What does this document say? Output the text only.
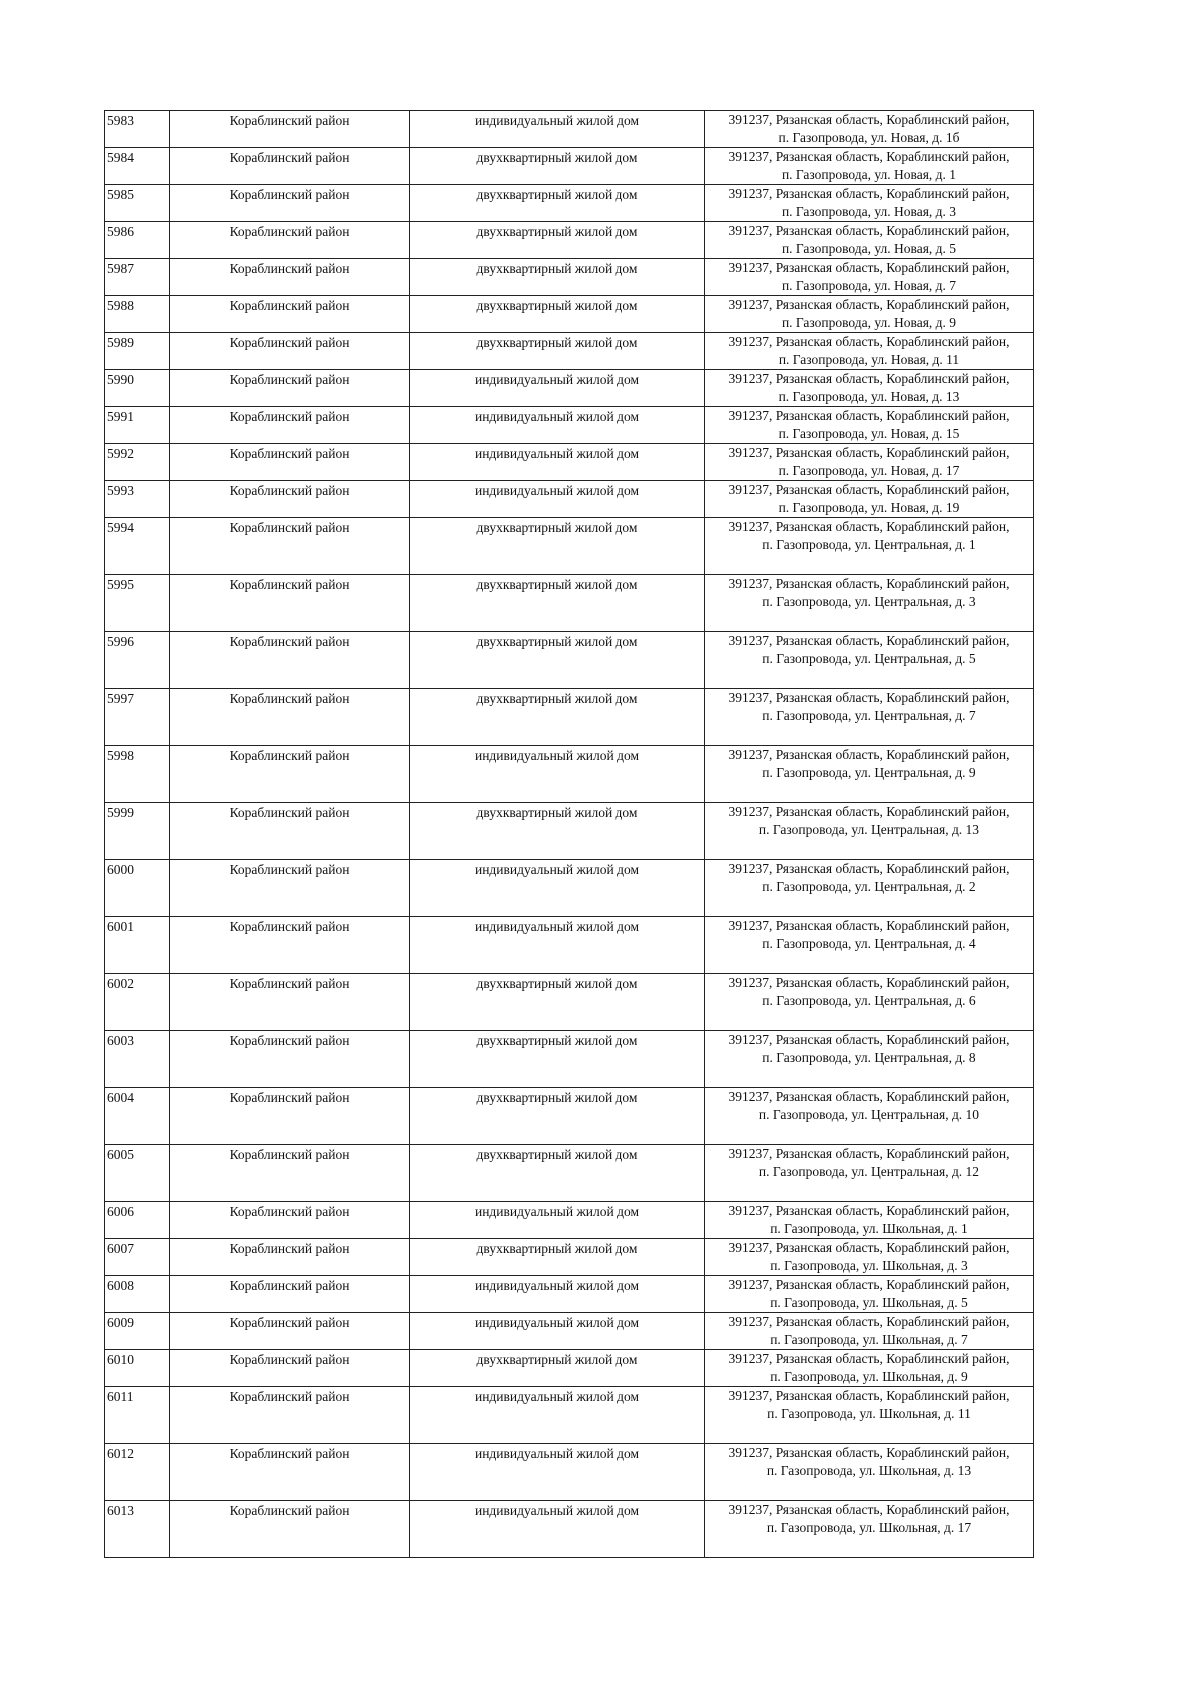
5983	Кораблинский район	индивидуальный жилой дом	391237, Рязанская область, Кораблинский район,
п. Газопровода, ул. Новая, д. 1б

5984	Кораблинский район	двухквартирный жилой дом	391237, Рязанская область, Кораблинский район,
п. Газопровода, ул. Новая, д. 1

5985	Кораблинский район	двухквартирный жилой дом	391237, Рязанская область, Кораблинский район,
п. Газопровода, ул. Новая, д. 3

5986	Кораблинский район	двухквартирный жилой дом	391237, Рязанская область, Кораблинский район,
п. Газопровода, ул. Новая, д. 5

5987	Кораблинский район	двухквартирный жилой дом	391237, Рязанская область, Кораблинский район,
п. Газопровода, ул. Новая, д. 7

5988	Кораблинский район	двухквартирный жилой дом	391237, Рязанская область, Кораблинский район,
п. Газопровода, ул. Новая, д. 9

5989	Кораблинский район	двухквартирный жилой дом	391237, Рязанская область, Кораблинский район,
п. Газопровода, ул. Новая, д. 11

5990	Кораблинский район	индивидуальный жилой дом	391237, Рязанская область, Кораблинский район,
п. Газопровода, ул. Новая, д. 13

5991	Кораблинский район	индивидуальный жилой дом	391237, Рязанская область, Кораблинский район,
п. Газопровода, ул. Новая, д. 15

5992	Кораблинский район	индивидуальный жилой дом	391237, Рязанская область, Кораблинский район,
п. Газопровода, ул. Новая, д. 17

5993	Кораблинский район	индивидуальный жилой дом	391237, Рязанская область, Кораблинский район,
п. Газопровода, ул. Новая, д. 19

5994	Кораблинский район	двухквартирный жилой дом	391237, Рязанская область, Кораблинский район,
п. Газопровода, ул. Центральная, д. 1

5995	Кораблинский район	двухквартирный жилой дом	391237, Рязанская область, Кораблинский район,
п. Газопровода, ул. Центральная, д. 3

5996	Кораблинский район	двухквартирный жилой дом	391237, Рязанская область, Кораблинский район,
п. Газопровода, ул. Центральная, д. 5

5997	Кораблинский район	двухквартирный жилой дом	391237, Рязанская область, Кораблинский район,
п. Газопровода, ул. Центральная, д. 7

5998	Кораблинский район	индивидуальный жилой дом	391237, Рязанская область, Кораблинский район,
п. Газопровода, ул. Центральная, д. 9

5999	Кораблинский район	двухквартирный жилой дом	391237, Рязанская область, Кораблинский район,
п. Газопровода, ул. Центральная, д. 13

6000	Кораблинский район	индивидуальный жилой дом	391237, Рязанская область, Кораблинский район,
п. Газопровода, ул. Центральная, д. 2

6001	Кораблинский район	индивидуальный жилой дом	391237, Рязанская область, Кораблинский район,
п. Газопровода, ул. Центральная, д. 4

6002	Кораблинский район	двухквартирный жилой дом	391237, Рязанская область, Кораблинский район,
п. Газопровода, ул. Центральная, д. 6

6003	Кораблинский район	двухквартирный жилой дом	391237, Рязанская область, Кораблинский район,
п. Газопровода, ул. Центральная, д. 8

6004	Кораблинский район	двухквартирный жилой дом	391237, Рязанская область, Кораблинский район,
п. Газопровода, ул. Центральная, д. 10

6005	Кораблинский район	двухквартирный жилой дом	391237, Рязанская область, Кораблинский район,
п. Газопровода, ул. Центральная, д. 12

6006	Кораблинский район	индивидуальный жилой дом	391237, Рязанская область, Кораблинский район,
п. Газопровода, ул. Школьная, д. 1

6007	Кораблинский район	двухквартирный жилой дом	391237, Рязанская область, Кораблинский район,
п. Газопровода, ул. Школьная, д. 3

6008	Кораблинский район	индивидуальный жилой дом	391237, Рязанская область, Кораблинский район,
п. Газопровода, ул. Школьная, д. 5

6009	Кораблинский район	индивидуальный жилой дом	391237, Рязанская область, Кораблинский район,
п. Газопровода, ул. Школьная, д. 7

6010	Кораблинский район	двухквартирный жилой дом	391237, Рязанская область, Кораблинский район,
п. Газопровода, ул. Школьная, д. 9

6011	Кораблинский район	индивидуальный жилой дом	391237, Рязанская область, Кораблинский район,
п. Газопровода, ул. Школьная, д. 11

6012	Кораблинский район	индивидуальный жилой дом	391237, Рязанская область, Кораблинский район,
п. Газопровода, ул. Школьная, д. 13

6013	Кораблинский район	индивидуальный жилой дом	391237, Рязанская область, Кораблинский район,
п. Газопровода, ул. Школьная, д. 17
